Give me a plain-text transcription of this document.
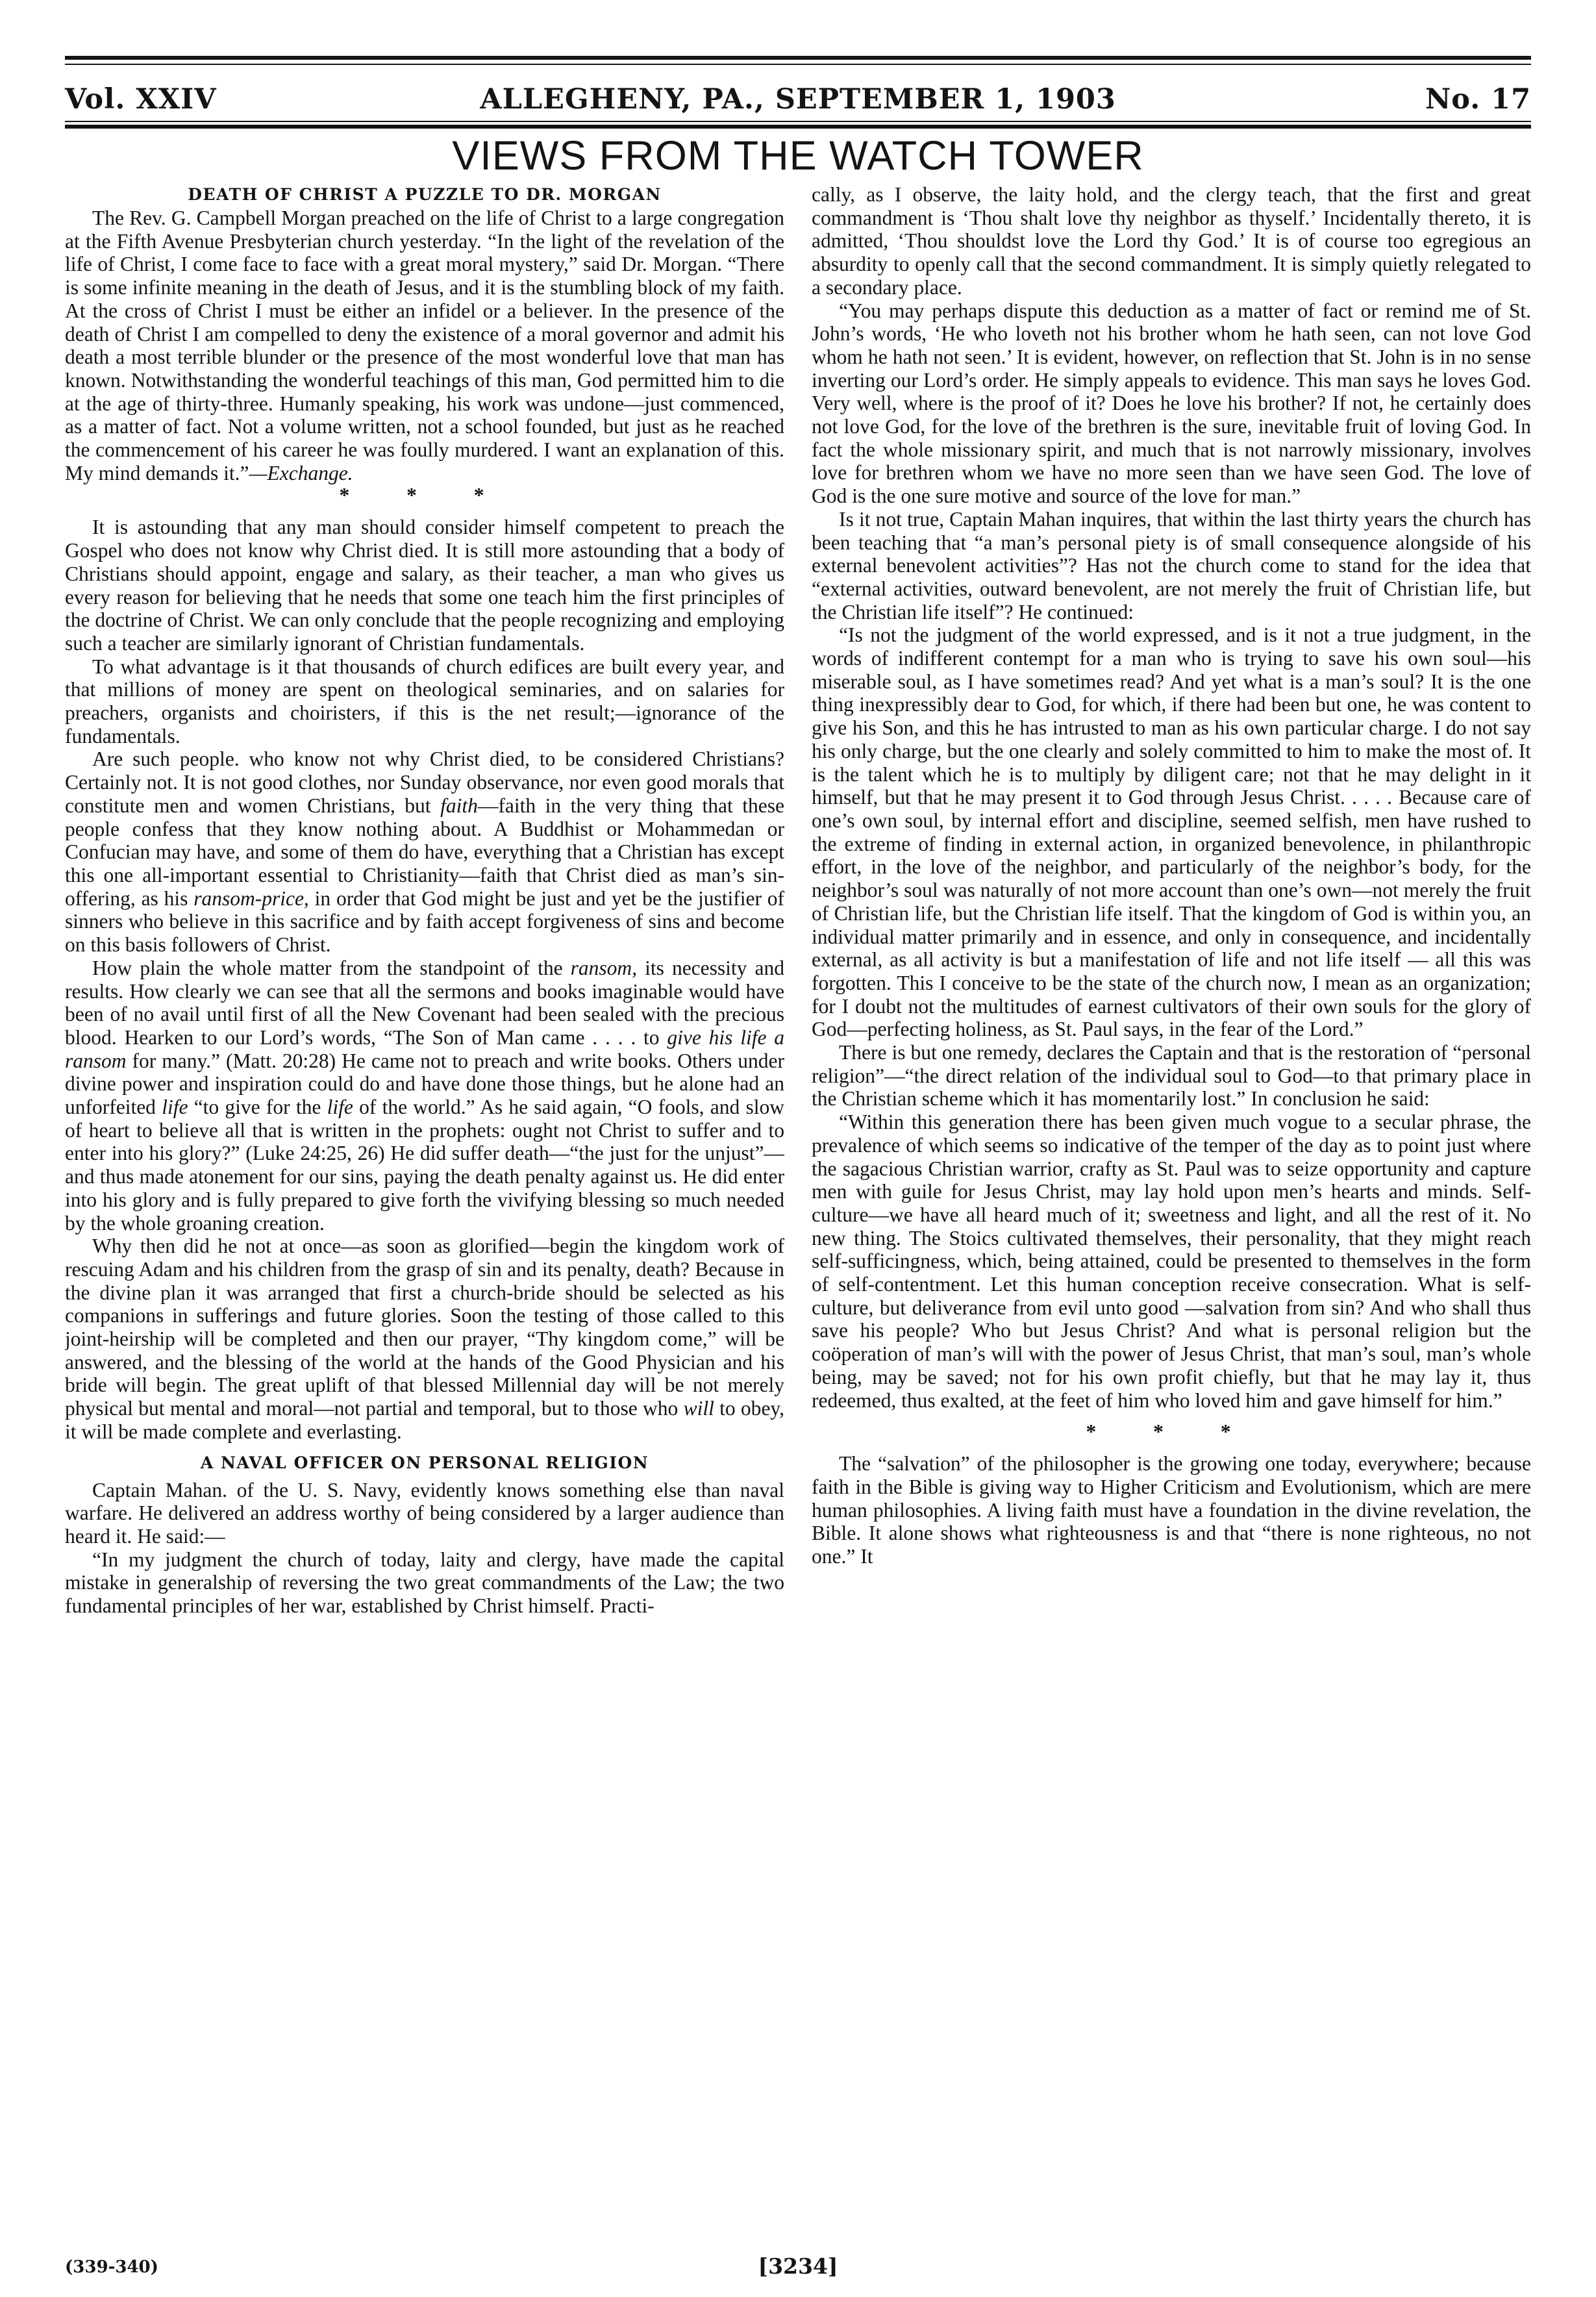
Vol. XXIV	ALLEGHENY, PA., SEPTEMBER 1, 1903	No. 17
VIEWS FROM THE WATCH TOWER
DEATH OF CHRIST A PUZZLE TO DR. MORGAN

The Rev. G. Campbell Morgan preached on the life of Christ to a large congregation at the Fifth Avenue Presbyterian church yesterday. “In the light of the revelation of the life of Christ, I come face to face with a great moral mystery,” said Dr. Morgan. “There is some infinite meaning in the death of Jesus, and it is the stumbling block of my faith. At the cross of Christ I must be either an infidel or a believer. In the presence of the death of Christ I am compelled to deny the existence of a moral governor and admit his death a most terrible blunder or the presence of the most wonderful love that man has known. Notwithstanding the wonderful teachings of this man, God permitted him to die at the age of thirty-three. Humanly speaking, his work was undone—just commenced, as a matter of fact. Not a volume written, not a school founded, but just as he reached the commencement of his career he was foully murdered. I want an explanation of this. My mind demands it.”—Exchange.

* * *

It is astounding that any man should consider himself competent to preach the Gospel who does not know why Christ died. It is still more astounding that a body of Christians should appoint, engage and salary, as their teacher, a man who gives us every reason for believing that he needs that some one teach him the first principles of the doctrine of Christ. We can only conclude that the people recognizing and employing such a teacher are similarly ignorant of Christian fundamentals.

To what advantage is it that thousands of church edifices are built every year, and that millions of money are spent on theological seminaries, and on salaries for preachers, organists and choiristers, if this is the net result;—ignorance of the fundamentals.

Are such people. who know not why Christ died, to be considered Christians? Certainly not. It is not good clothes, nor Sunday observance, nor even good morals that constitute men and women Christians, but faith—faith in the very thing that these people confess that they know nothing about. A Buddhist or Mohammedan or Confucian may have, and some of them do have, everything that a Christian has except this one all-important essential to Christianity—faith that Christ died as man’s sin-offering, as his ransom-price, in order that God might be just and yet be the justifier of sinners who believe in this sacrifice and by faith accept forgiveness of sins and become on this basis followers of Christ.

How plain the whole matter from the standpoint of the ransom, its necessity and results. How clearly we can see that all the sermons and books imaginable would have been of no avail until first of all the New Covenant had been sealed with the precious blood. Hearken to our Lord’s words, “The Son of Man came . . . . to give his life a ransom for many.” (Matt. 20:28) He came not to preach and write books. Others under divine power and inspiration could do and have done those things, but he alone had an unforfeited life “to give for the life of the world.” As he said again, “O fools, and slow of heart to believe all that is written in the prophets: ought not Christ to suffer and to enter into his glory?” (Luke 24:25, 26) He did suffer death—“the just for the unjust”—and thus made atonement for our sins, paying the death penalty against us. He did enter into his glory and is fully prepared to give forth the vivifying blessing so much needed by the whole groaning creation.

Why then did he not at once—as soon as glorified—begin the kingdom work of rescuing Adam and his children from the grasp of sin and its penalty, death? Because in the divine plan it was arranged that first a church-bride should be selected as his companions in sufferings and future glories. Soon the testing of those called to this joint-heirship will be completed and then our prayer, “Thy kingdom come,” will be answered, and the blessing of the world at the hands of the Good Physician and his bride will begin. The great uplift of that blessed Millennial day will be not merely physical but mental and moral—not partial and temporal, but to those who will to obey, it will be made complete and everlasting.

A NAVAL OFFICER ON PERSONAL RELIGION

Captain Mahan. of the U. S. Navy, evidently knows something else than naval warfare. He delivered an address worthy of being considered by a larger audience than heard it. He said:—

“In my judgment the church of today, laity and clergy, have made the capital mistake in generalship of reversing the two great commandments of the Law; the two fundamental principles of her war, established by Christ himself. Practi-

cally, as I observe, the laity hold, and the clergy teach, that the first and great commandment is ‘Thou shalt love thy neighbor as thyself.’ Incidentally thereto, it is admitted, ‘Thou shouldst love the Lord thy God.’ It is of course too egregious an absurdity to openly call that the second commandment. It is simply quietly relegated to a secondary place.

“You may perhaps dispute this deduction as a matter of fact or remind me of St. John’s words, ‘He who loveth not his brother whom he hath seen, can not love God whom he hath not seen.’ It is evident, however, on reflection that St. John is in no sense inverting our Lord’s order. He simply appeals to evidence. This man says he loves God. Very well, where is the proof of it? Does he love his brother? If not, he certainly does not love God, for the love of the brethren is the sure, inevitable fruit of loving God. In fact the whole missionary spirit, and much that is not narrowly missionary, involves love for brethren whom we have no more seen than we have seen God. The love of God is the one sure motive and source of the love for man.”

Is it not true, Captain Mahan inquires, that within the last thirty years the church has been teaching that “a man’s personal piety is of small consequence alongside of his external benevolent activities”? Has not the church come to stand for the idea that “external activities, outward benevolent, are not merely the fruit of Christian life, but the Christian life itself”? He continued:

“Is not the judgment of the world expressed, and is it not a true judgment, in the words of indifferent contempt for a man who is trying to save his own soul—his miserable soul, as I have sometimes read? And yet what is a man’s soul? It is the one thing inexpressibly dear to God, for which, if there had been but one, he was content to give his Son, and this he has intrusted to man as his own particular charge. I do not say his only charge, but the one clearly and solely committed to him to make the most of. It is the talent which he is to multiply by diligent care; not that he may delight in it himself, but that he may present it to God through Jesus Christ. . . . . Because care of one’s own soul, by internal effort and discipline, seemed selfish, men have rushed to the extreme of finding in external action, in organized benevolence, in philanthropic effort, in the love of the neighbor, and particularly of the neighbor’s body, for the neighbor’s soul was naturally of not more account than one’s own—not merely the fruit of Christian life, but the Christian life itself. That the kingdom of God is within you, an individual matter primarily and in essence, and only in consequence, and incidentally external, as all activity is but a manifestation of life and not life itself — all this was forgotten. This I conceive to be the state of the church now, I mean as an organization; for I doubt not the multitudes of earnest cultivators of their own souls for the glory of God—perfecting holiness, as St. Paul says, in the fear of the Lord.”

There is but one remedy, declares the Captain and that is the restoration of “personal religion”—“the direct relation of the individual soul to God—to that primary place in the Christian scheme which it has momentarily lost.” In conclusion he said:

“Within this generation there has been given much vogue to a secular phrase, the prevalence of which seems so indicative of the temper of the day as to point just where the sagacious Christian warrior, crafty as St. Paul was to seize opportunity and capture men with guile for Jesus Christ, may lay hold upon men’s hearts and minds. Self-culture—we have all heard much of it; sweetness and light, and all the rest of it. No new thing. The Stoics cultivated themselves, their personality, that they might reach self-sufficingness, which, being attained, could be presented to themselves in the form of self-contentment. Let this human conception receive consecration. What is self-culture, but deliverance from evil unto good —salvation from sin? And who shall thus save his people? Who but Jesus Christ? And what is personal religion but the coöperation of man’s will with the power of Jesus Christ, that man’s soul, man’s whole being, may be saved; not for his own profit chiefly, but that he may lay it, thus redeemed, thus exalted, at the feet of him who loved him and gave himself for him.”

* * *

The “salvation” of the philosopher is the growing one today, everywhere; because faith in the Bible is giving way to Higher Criticism and Evolutionism, which are mere human philosophies. A living faith must have a foundation in the divine revelation, the Bible. It alone shows what righteousness is and that “there is none righteous, no not one.” It

(339-340)	[3234]
